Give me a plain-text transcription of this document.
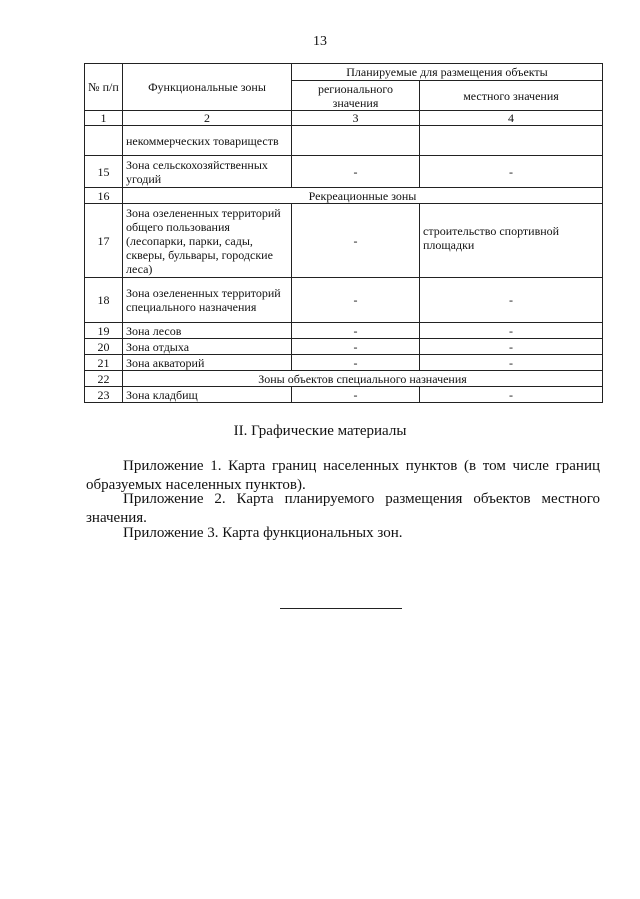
13
№ п/п	Функциональные зоны	Планируемые для размещения объекты	
		регионального значения	местного значения
1	2	3	4
	некоммерческих товариществ		
15	Зона сельскохозяйственных угодий	-	-
16	Рекреационные зоны		
17	Зона озелененных территорий общего пользования (лесопарки, парки, сады, скверы, бульвары, городские леса)	-	строительство спортивной площадки
18	Зона озелененных территорий специального назначения	-	-
19	Зона лесов	-	-
20	Зона отдыха	-	-
21	Зона акваторий	-	-
22	Зоны объектов специального назначения		
23	Зона кладбищ	-	-
II. Графические материалы

Приложение 1. Карта границ населенных пунктов (в том числе границ образуемых населенных пунктов).

Приложение 2. Карта планируемого размещения объектов местного значения.

Приложение 3. Карта функциональных зон.
